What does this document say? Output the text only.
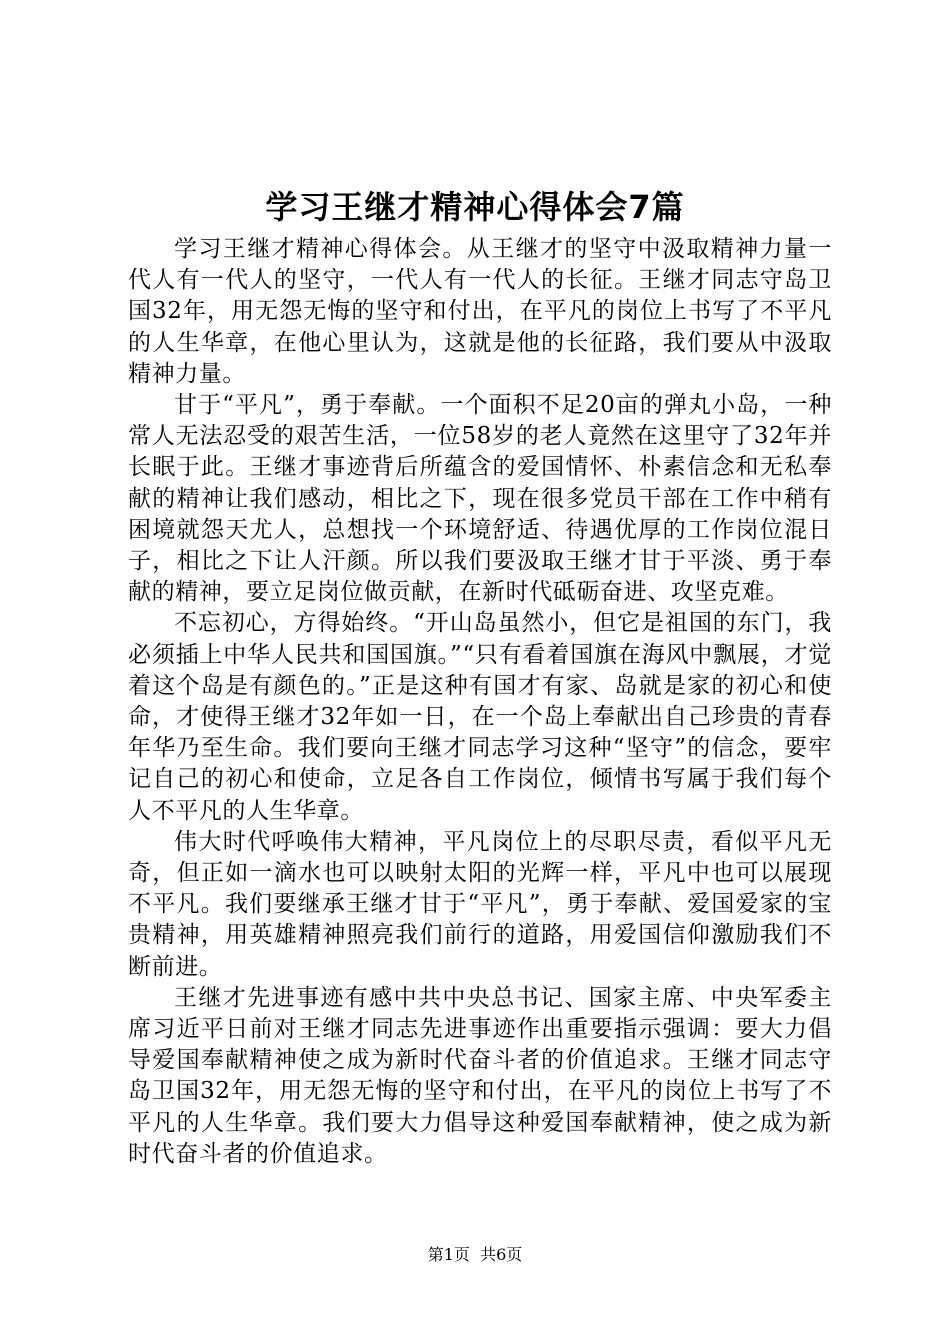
学习王继才精神心得体会7篇

学习王继才精神心得体会。从王继才的坚守中汲取精神力量一代人有一代人的坚守，一代人有一代人的长征。王继才同志守岛卫国32年，用无怨无悔的坚守和付出，在平凡的岗位上书写了不平凡的人生华章，在他心里认为，这就是他的长征路，我们要从中汲取精神力量。

甘于“平凡”，勇于奉献。一个面积不足20亩的弹丸小岛，一种常人无法忍受的艰苦生活，一位58岁的老人竟然在这里守了32年并长眠于此。王继才事迹背后所蕴含的爱国情怀、朴素信念和无私奉献的精神让我们感动，相比之下，现在很多党员干部在工作中稍有困境就怨天尤人，总想找一个环境舒适、待遇优厚的工作岗位混日子，相比之下让人汗颜。所以我们要汲取王继才甘于平淡、勇于奉献的精神，要立足岗位做贡献，在新时代砥砺奋进、攻坚克难。

不忘初心，方得始终。“开山岛虽然小，但它是祖国的东门，我必须插上中华人民共和国国旗。”“只有看着国旗在海风中飘展，才觉着这个岛是有颜色的。”正是这种有国才有家、岛就是家的初心和使命，才使得王继才32年如一日，在一个岛上奉献出自己珍贵的青春年华乃至生命。我们要向王继才同志学习这种“坚守”的信念，要牢记自己的初心和使命，立足各自工作岗位，倾情书写属于我们每个人不平凡的人生华章。

伟大时代呼唤伟大精神，平凡岗位上的尽职尽责，看似平凡无奇，但正如一滴水也可以映射太阳的光辉一样，平凡中也可以展现不平凡。我们要继承王继才甘于“平凡”，勇于奉献、爱国爱家的宝贵精神，用英雄精神照亮我们前行的道路，用爱国信仰激励我们不断前进。

王继才先进事迹有感中共中央总书记、国家主席、中央军委主席习近平日前对王继才同志先进事迹作出重要指示强调：要大力倡导爱国奉献精神使之成为新时代奋斗者的价值追求。王继才同志守岛卫国32年，用无怨无悔的坚守和付出，在平凡的岗位上书写了不平凡的人生华章。我们要大力倡导这种爱国奉献精神，使之成为新时代奋斗者的价值追求。

第1页 共6页
